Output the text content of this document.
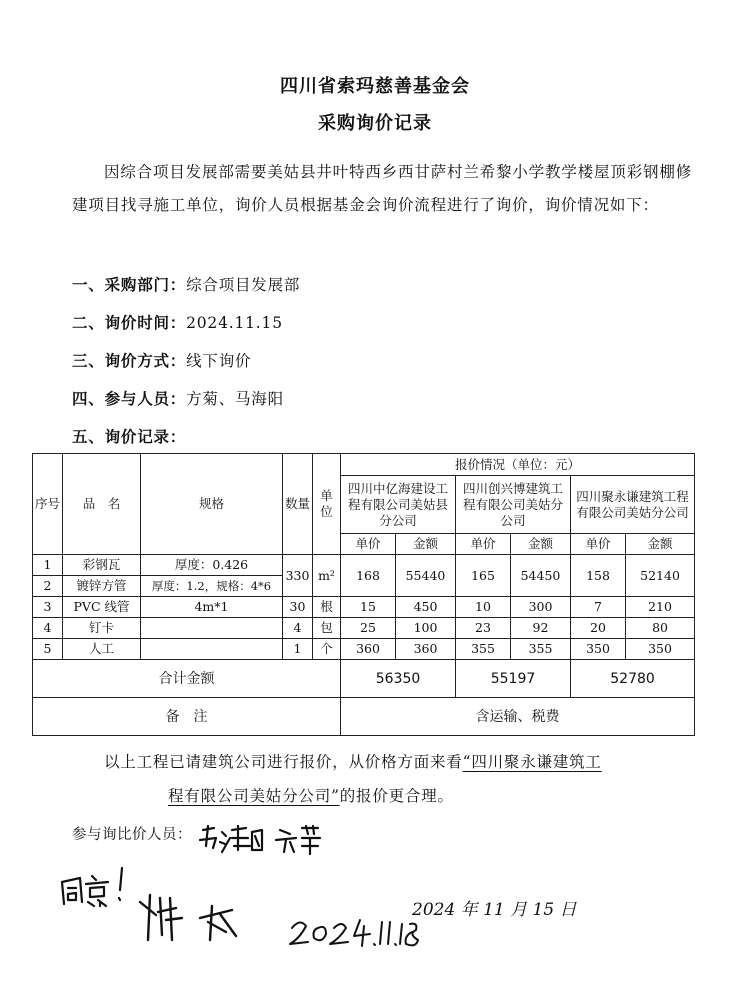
四川省索玛慈善基金会
采购询价记录
因综合项目发展部需要美姑县井叶特西乡西甘萨村兰希黎小学教学楼屋顶彩钢棚修建项目找寻施工单位，询价人员根据基金会询价流程进行了询价，询价情况如下：
一、采购部门：综合项目发展部
二、询价时间：2024.11.15
三、询价方式：线下询价
四、参与人员：方菊、马海阳
五、询价记录：
序号	品　名	规格	数量	单位	报价情况（单位：元）					
					四川中亿海建设工程有限公司美姑县分公司		四川创兴博建筑工程有限公司美姑分公司		四川聚永谦建筑工程有限公司美姑分公司	
					单价	金额	单价	金额	单价	金额
1	彩钢瓦	厚度：0.426	330	m²	168	55440	165	54450	158	52140
2	镀锌方管	厚度：1.2，规格：4*6								
3	PVC 线管	4m*1	30	根	15	450	10	300	7	210
4	钉卡		4	包	25	100	23	92	20	80
5	人工		1	个	360	360	355	355	350	350
合计金额					56350		55197		52780	
备　注					含运输、税费					
以上工程已请建筑公司进行报价，从价格方面来看“四川聚永谦建筑工
程有限公司美姑分公司”的报价更合理。
参与询比价人员：
2024 年 11 月 15 日
